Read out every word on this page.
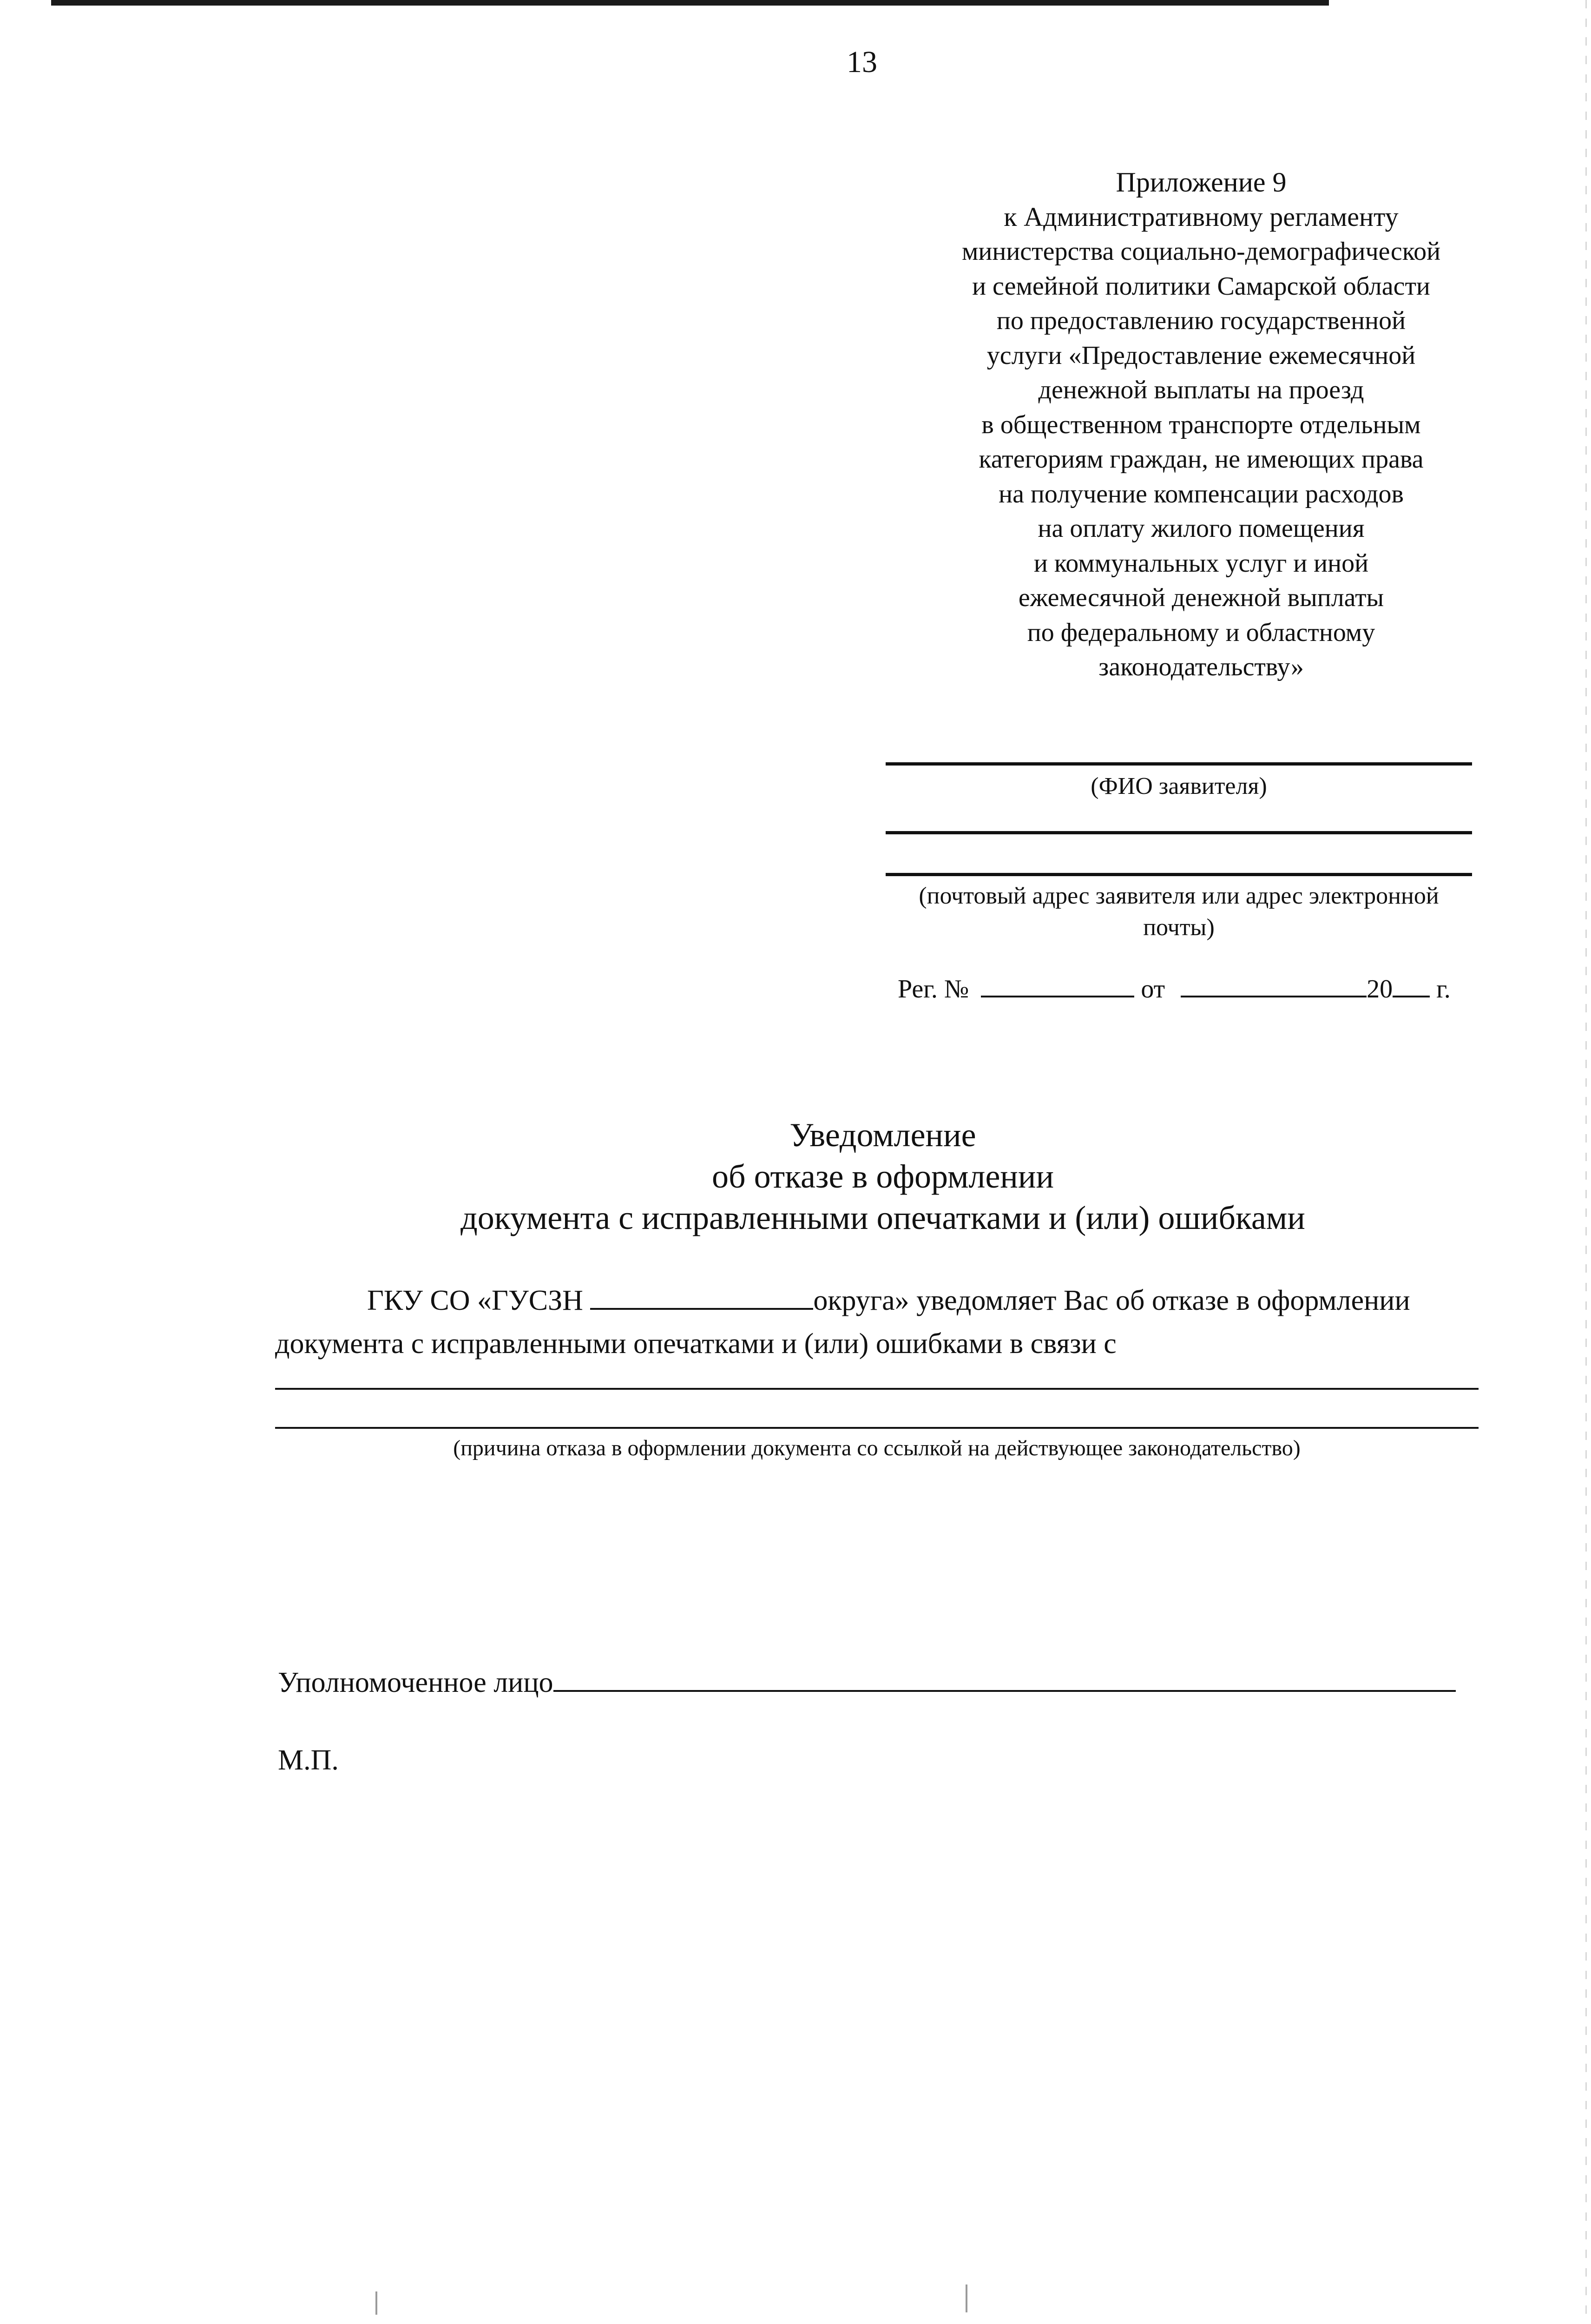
13
Приложение 9
к Административному регламенту
министерства социально-демографической
и семейной политики Самарской области
по предоставлению государственной
услуги «Предоставление ежемесячной
денежной выплаты на проезд
в общественном транспорте отдельным
категориям граждан, не имеющих права
на получение компенсации расходов
на оплату жилого помещения
и коммунальных услуг и иной
ежемесячной денежной выплаты
по федеральному и областному
законодательству»
(ФИО заявителя)
(почтовый адрес заявителя или адрес электронной
почты)
Рег. №	от	20 г.
Уведомление
об отказе в оформлении
документа с исправленными опечатками и (или) ошибками
ГКУ СО «ГУСЗН	округа» уведомляет Вас об отказе в оформлении
документа с исправленными опечатками и (или) ошибками в связи с
(причина отказа в оформлении документа со ссылкой на действующее законодательство)
Уполномоченное лицо
М.П.
